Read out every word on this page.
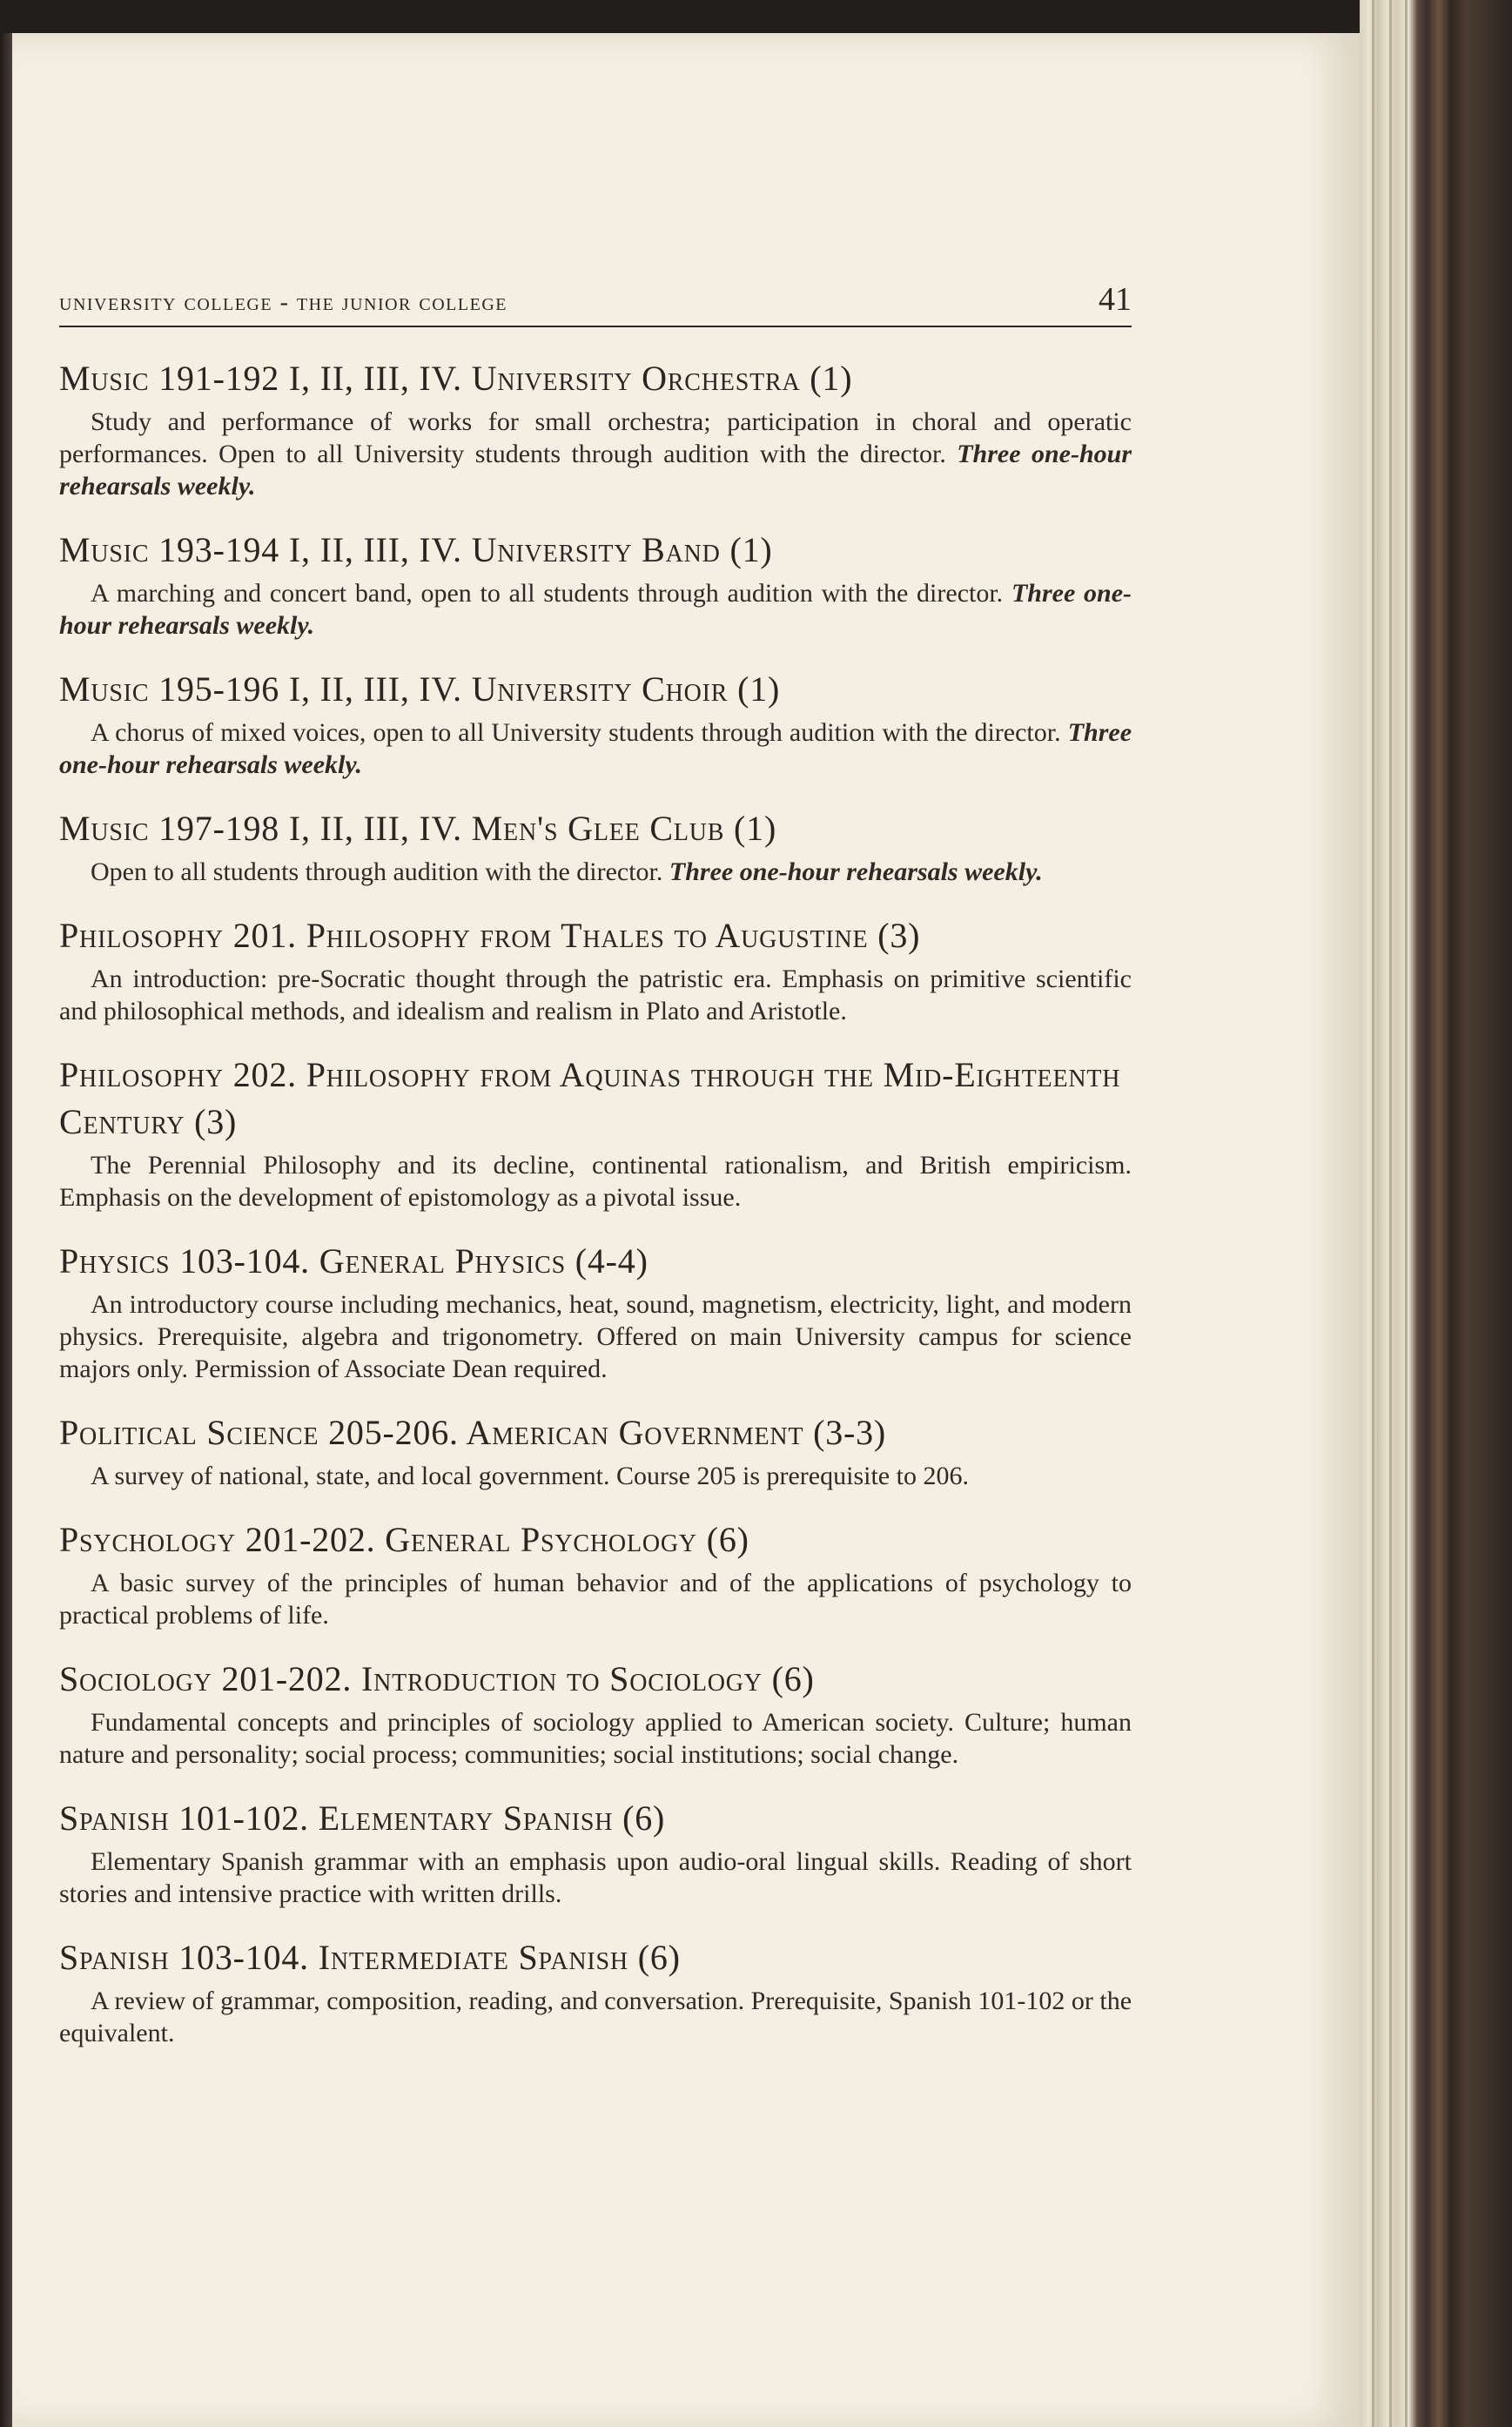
university college - the junior college	41
Music 191-192 I, II, III, IV. University Orchestra (1)
Study and performance of works for small orchestra; participation in choral and operatic performances. Open to all University students through audition with the director. Three one-hour rehearsals weekly.
Music 193-194 I, II, III, IV. University Band (1)
A marching and concert band, open to all students through audition with the director. Three one-hour rehearsals weekly.
Music 195-196 I, II, III, IV. University Choir (1)
A chorus of mixed voices, open to all University students through audition with the director. Three one-hour rehearsals weekly.
Music 197-198 I, II, III, IV. Men's Glee Club (1)
Open to all students through audition with the director. Three one-hour rehearsals weekly.
Philosophy 201. Philosophy from Thales to Augustine (3)
An introduction: pre-Socratic thought through the patristic era. Emphasis on primitive scientific and philosophical methods, and idealism and realism in Plato and Aristotle.
Philosophy 202. Philosophy from Aquinas through the Mid-Eighteenth Century (3)
The Perennial Philosophy and its decline, continental rationalism, and British empiricism. Emphasis on the development of epistomology as a pivotal issue.
Physics 103-104. General Physics (4-4)
An introductory course including mechanics, heat, sound, magnetism, electricity, light, and modern physics. Prerequisite, algebra and trigonometry. Offered on main University campus for science majors only. Permission of Associate Dean required.
Political Science 205-206. American Government (3-3)
A survey of national, state, and local government. Course 205 is prerequisite to 206.
Psychology 201-202. General Psychology (6)
A basic survey of the principles of human behavior and of the applications of psychology to practical problems of life.
Sociology 201-202. Introduction to Sociology (6)
Fundamental concepts and principles of sociology applied to American society. Culture; human nature and personality; social process; communities; social institutions; social change.
Spanish 101-102. Elementary Spanish (6)
Elementary Spanish grammar with an emphasis upon audio-oral lingual skills. Reading of short stories and intensive practice with written drills.
Spanish 103-104. Intermediate Spanish (6)
A review of grammar, composition, reading, and conversation. Prerequisite, Spanish 101-102 or the equivalent.
